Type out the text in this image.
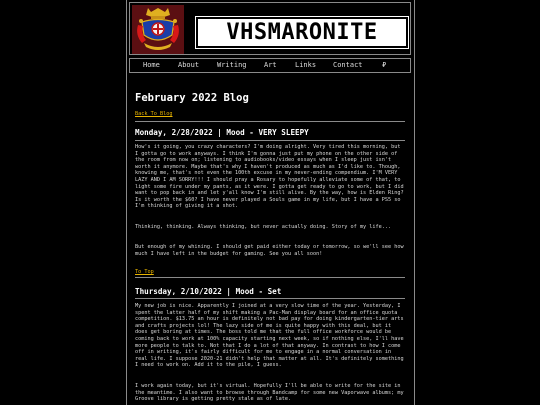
VHSMARONITE
Home	About	Writing Art	Links Contact	₽
February 2022 Blog
Back To Blog
Monday, 2/28/2022 | Mood - VERY SLEEPY
How's it going, you crazy characters? I'm doing alright. Very tired this morning, but I gotta go to work anyways. I think I'm gonna just put my phone on the other side of the room from now on; listening to audiobooks/video essays when I sleep just isn't worth it anymore. Maybe that's why I haven't produced as much as I'd like to. Though, knowing me, that's not even the 100th excuse in my never-ending compendium. I'M VERY LAZY AND I AM SORRY!!! I should pray a Rosary to hopefully alleviate some of that, to light some fire under my pants, as it were. I gotta get ready to go to work, but I did want to pop back in and let y'all know I'm still alive. By the way, how is Elden Ring? Is it worth the $60? I have never played a Souls game in my life, but I have a PS5 so I'm thinking of giving it a shot.
Thinking, thinking. Always thinking, but never actually doing. Story of my life...
But enough of my whining. I should get paid either today or tomorrow, so we'll see how much I have left in the budget for gaming. See you all soon!
To Top
Thursday, 2/10/2022 | Mood - Set
My new job is nice. Apparently I joined at a very slow time of the year. Yesterday, I spent the latter half of my shift making a Pac-Man display board for an office quota competition. $13.75 an hour is definitely not bad pay for doing kindergarten-tier arts and crafts projects lol! The lazy side of me is quite happy with this deal, but it does get boring at times. The boss told me that the full office workforce would be coming back to work at 100% capacity starting next week, so if nothing else, I'll have more people to talk to. Not that I do a lot of that anyway. In contrast to how I come off in writing, it's fairly difficult for me to engage in a normal conversation in real life. I suppose 2020-21 didn't help that matter at all. It's definitely something I need to work on. Add it to the pile, I guess.
I work again today, but it's virtual. Hopefully I'll be able to write for the site in the meantime. I also want to browse through Bandcamp for some new Vaporwave albums; my Groove library is getting pretty stale as of late.
